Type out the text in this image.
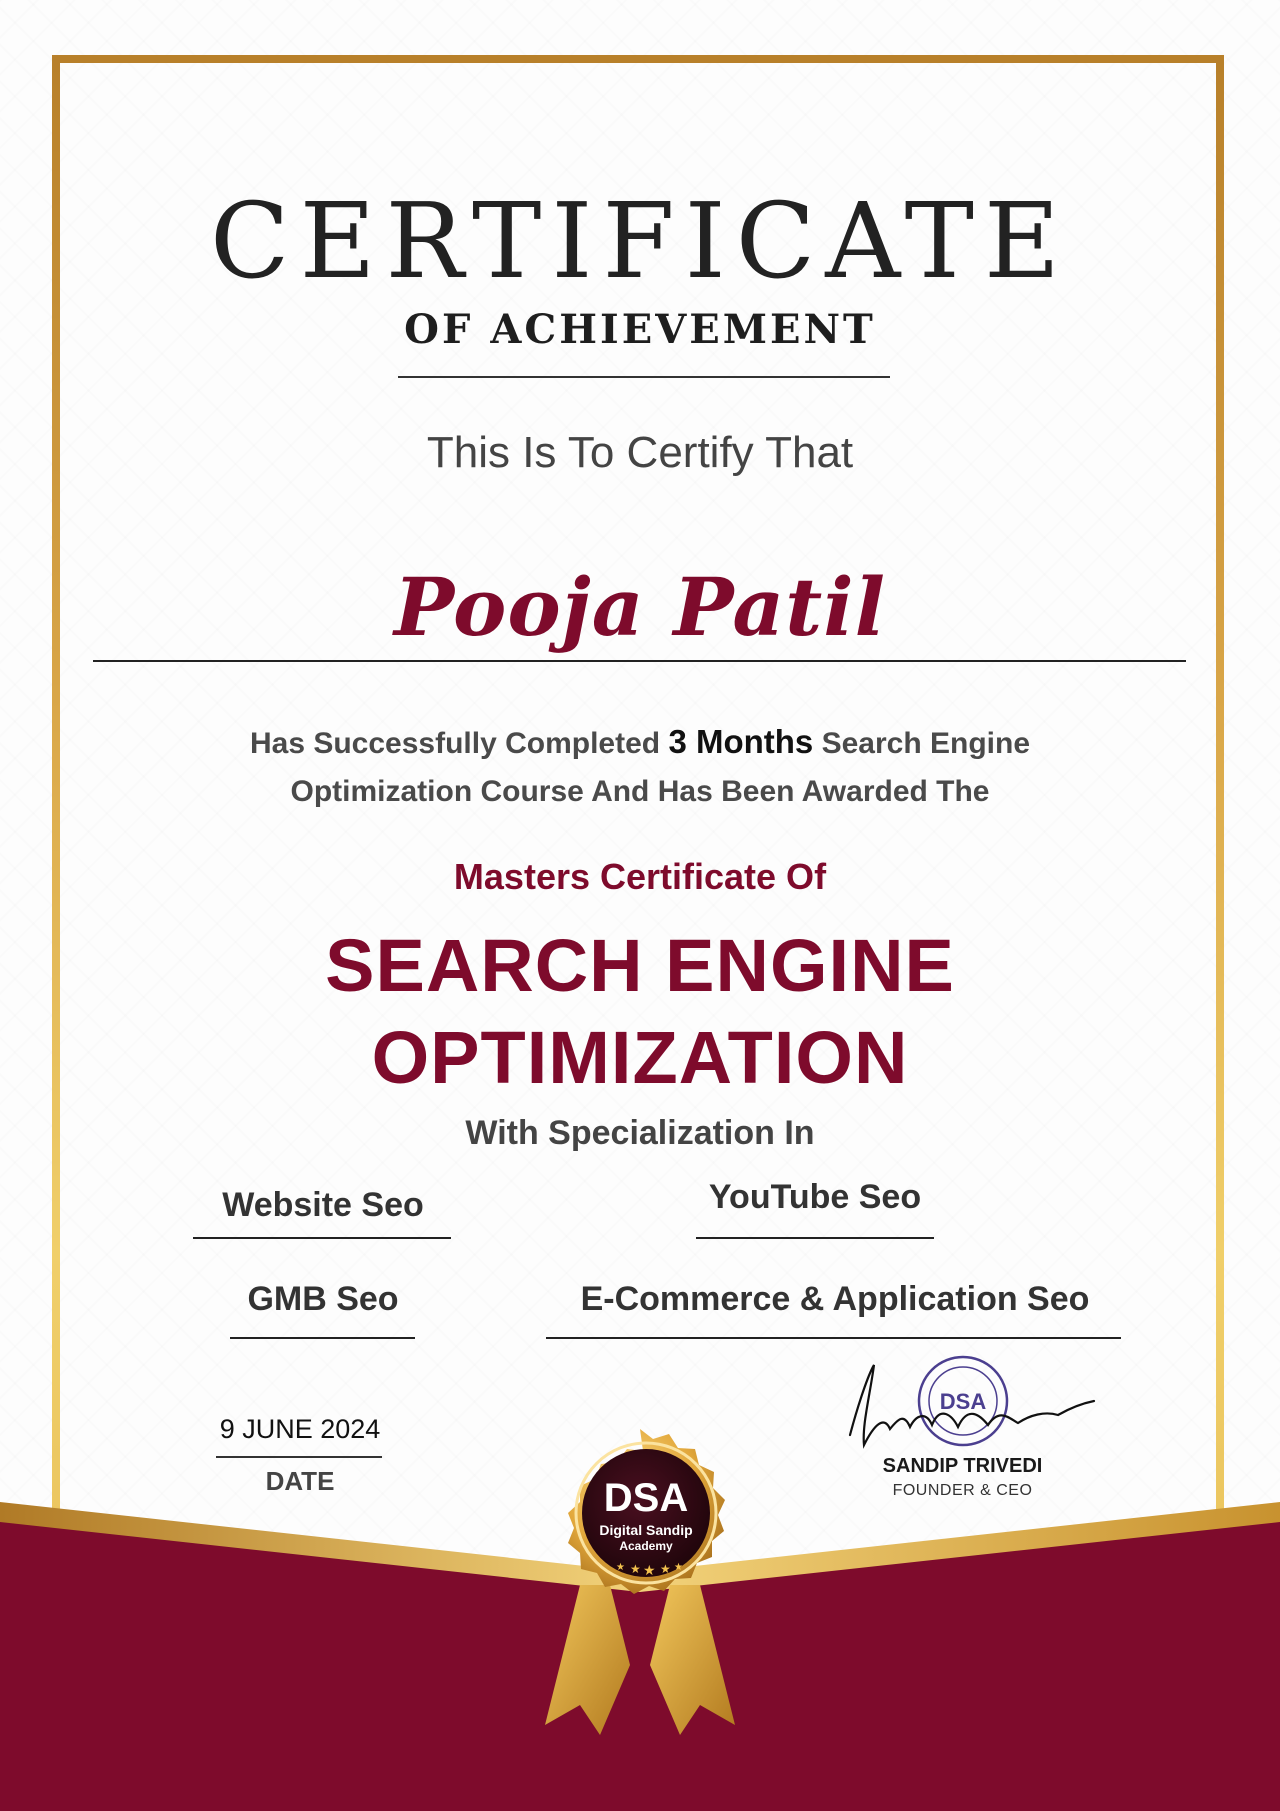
CERTIFICATE
OF ACHIEVEMENT
This Is To Certify That
Pooja Patil
Has Successfully Completed 3 Months Search Engine
Optimization Course And Has Been Awarded The
Masters Certificate Of
SEARCH ENGINE
OPTIMIZATION
With Specialization In
Website Seo	YouTube Seo
GMB Seo	E-Commerce & Application Seo
9 JUNE 2024
DATE
DSA
SANDIP TRIVEDI
FOUNDER & CEO
DSA
Digital Sandip
Academy
★ ★ ★ ★ ★
